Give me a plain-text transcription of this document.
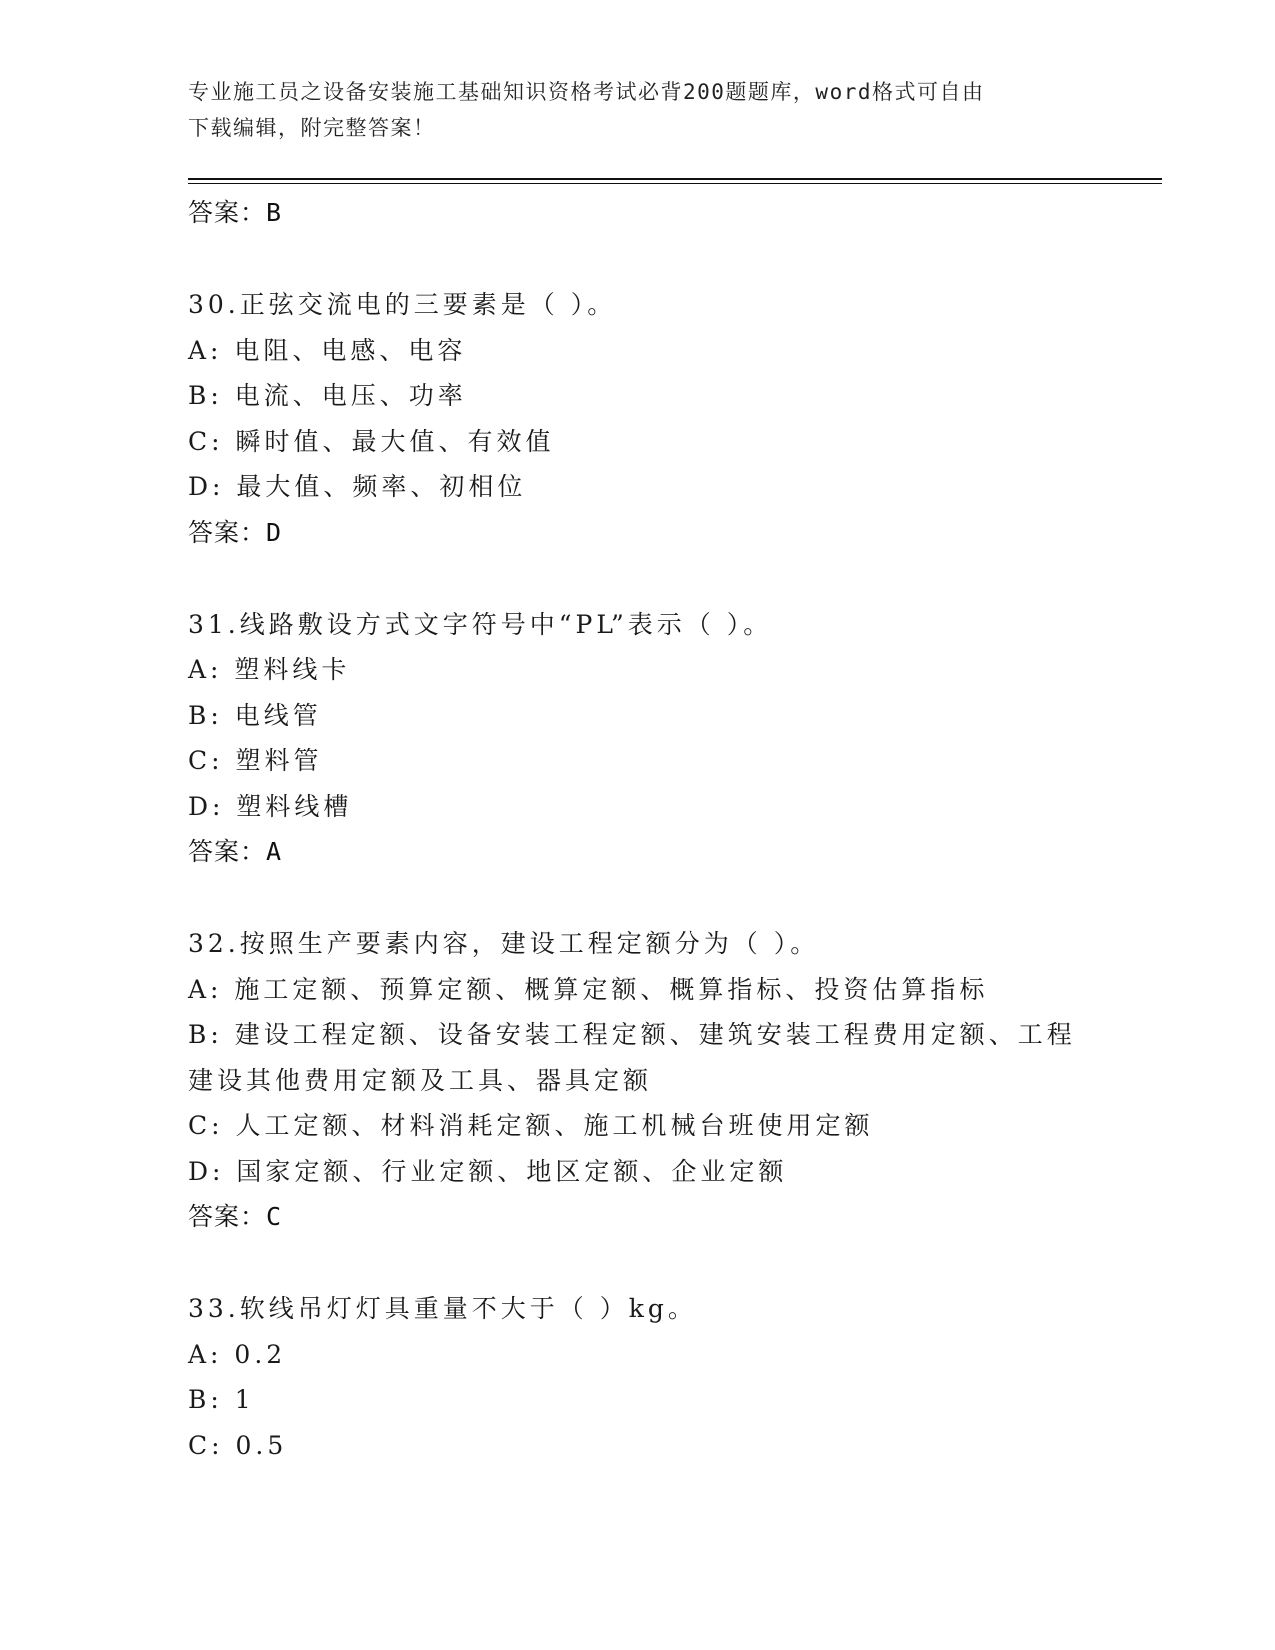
专业施工员之设备安装施工基础知识资格考试必背200题题库，word格式可自由
下载编辑，附完整答案！
答案：B
30.正弦交流电的三要素是（ ）。
A: 电阻、电感、电容
B: 电流、电压、功率
C: 瞬时值、最大值、有效值
D: 最大值、频率、初相位
答案：D
31.线路敷设方式文字符号中“PL”表示（ ）。
A: 塑料线卡
B: 电线管
C: 塑料管
D: 塑料线槽
答案：A
32.按照生产要素内容，建设工程定额分为（ ）。
A: 施工定额、预算定额、概算定额、概算指标、投资估算指标
B: 建设工程定额、设备安装工程定额、建筑安装工程费用定额、工程
建设其他费用定额及工具、器具定额
C: 人工定额、材料消耗定额、施工机械台班使用定额
D: 国家定额、行业定额、地区定额、企业定额
答案：C
33.软线吊灯灯具重量不大于（ ）kg。
A: 0.2
B: 1
C: 0.5
